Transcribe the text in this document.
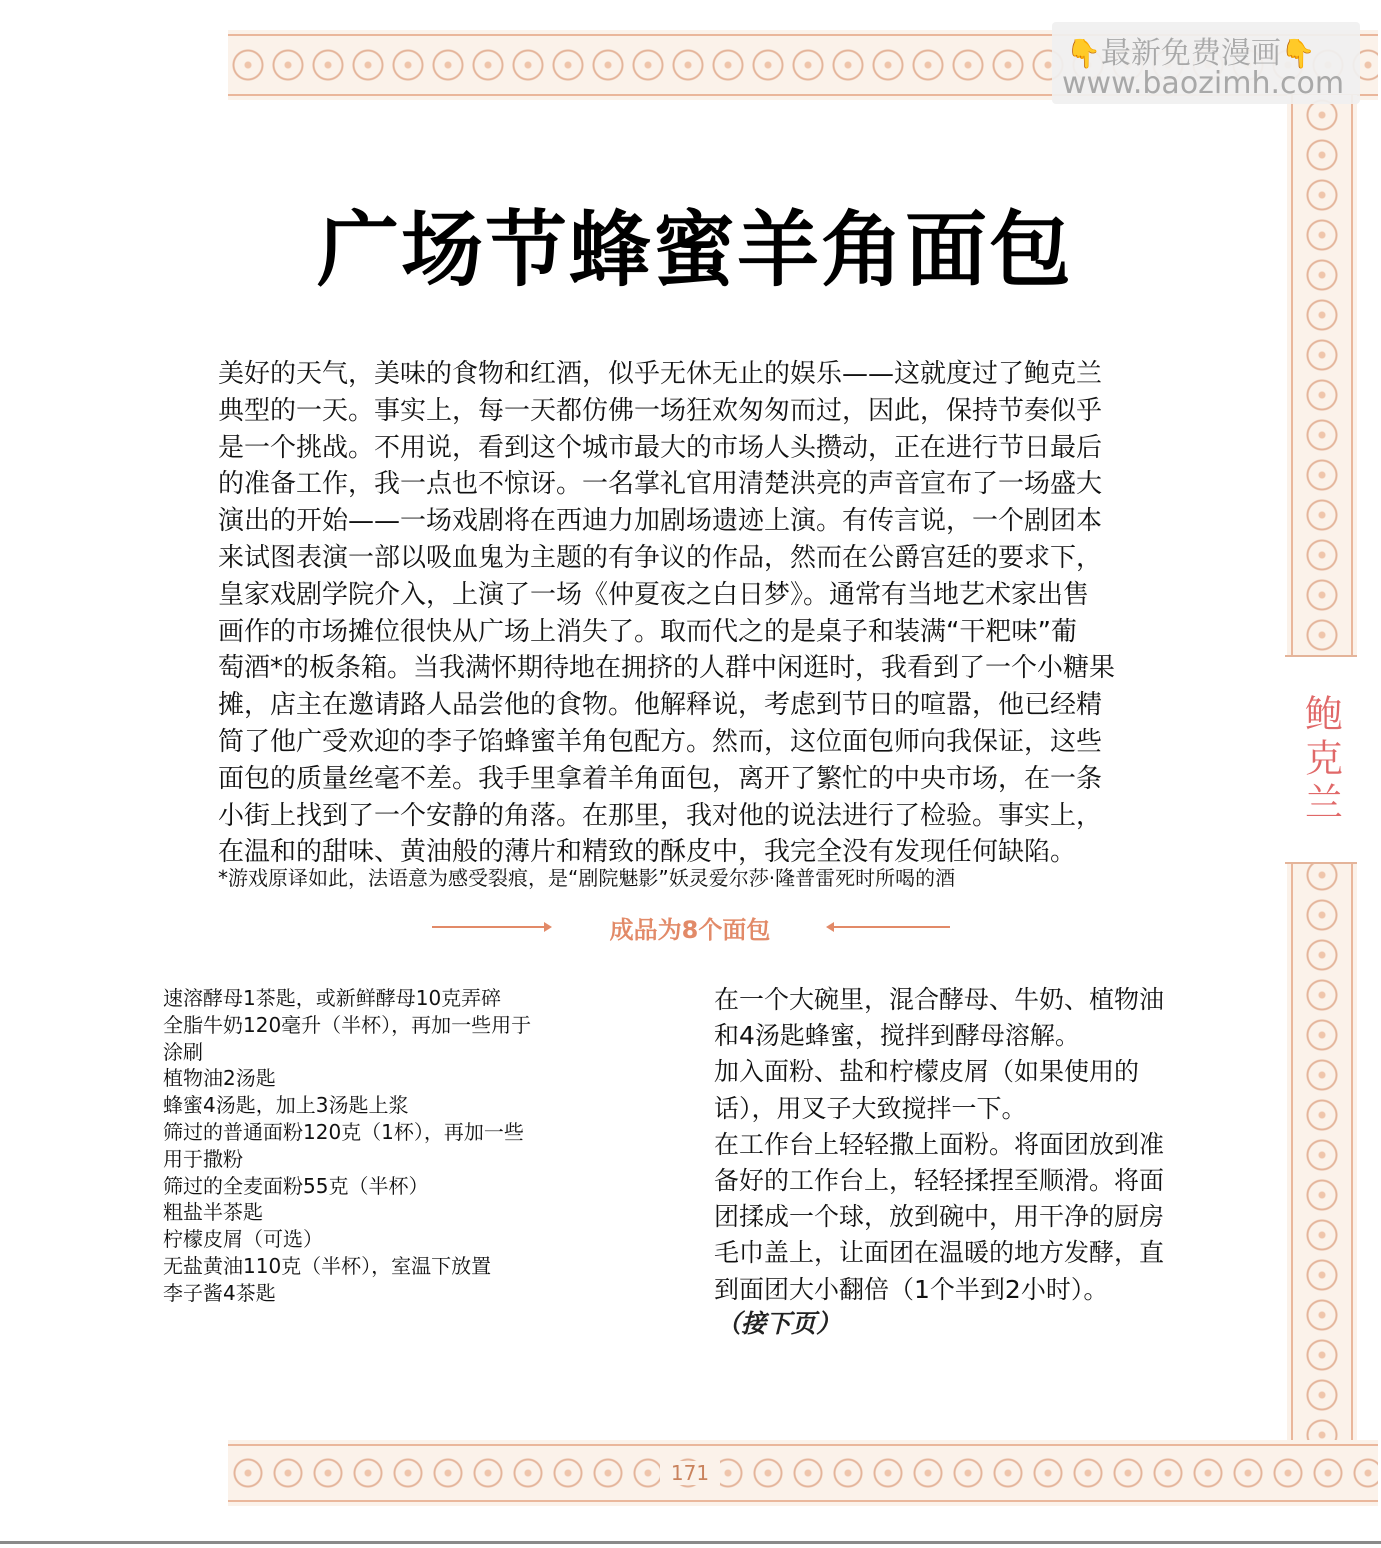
鲍克兰
👇最新免费漫画👇
www.baozimh.com
广场节蜂蜜羊角面包
美好的天气，美味的食物和红酒，似乎无休无止的娱乐——这就度过了鲍克兰
典型的一天。事实上，每一天都仿佛一场狂欢匆匆而过，因此，保持节奏似乎
是一个挑战。不用说，看到这个城市最大的市场人头攒动，正在进行节日最后
的准备工作，我一点也不惊讶。一名掌礼官用清楚洪亮的声音宣布了一场盛大
演出的开始——一场戏剧将在西迪力加剧场遗迹上演。有传言说，一个剧团本
来试图表演一部以吸血鬼为主题的有争议的作品，然而在公爵宫廷的要求下，
皇家戏剧学院介入，上演了一场《仲夏夜之白日梦》。通常有当地艺术家出售
画作的市场摊位很快从广场上消失了。取而代之的是桌子和装满“干粑味”葡
萄酒*的板条箱。当我满怀期待地在拥挤的人群中闲逛时，我看到了一个小糖果
摊，店主在邀请路人品尝他的食物。他解释说，考虑到节日的喧嚣，他已经精
简了他广受欢迎的李子馅蜂蜜羊角包配方。然而，这位面包师向我保证，这些
面包的质量丝毫不差。我手里拿着羊角面包，离开了繁忙的中央市场，在一条
小街上找到了一个安静的角落。在那里，我对他的说法进行了检验。事实上，
在温和的甜味、黄油般的薄片和精致的酥皮中，我完全没有发现任何缺陷。
*游戏原译如此，法语意为感受裂痕，是“剧院魅影”妖灵爱尔莎·隆普雷死时所喝的酒
成品为8个面包
速溶酵母1茶匙，或新鲜酵母10克弄碎
全脂牛奶120毫升（半杯），再加一些用于
涂刷
植物油2汤匙
蜂蜜4汤匙，加上3汤匙上浆
筛过的普通面粉120克（1杯），再加一些
用于撒粉
筛过的全麦面粉55克（半杯）
粗盐半茶匙
柠檬皮屑（可选）
无盐黄油110克（半杯），室温下放置
李子酱4茶匙
在一个大碗里，混合酵母、牛奶、植物油
和4汤匙蜂蜜，搅拌到酵母溶解。
加入面粉、盐和柠檬皮屑（如果使用的
话），用叉子大致搅拌一下。
在工作台上轻轻撒上面粉。将面团放到准
备好的工作台上，轻轻揉捏至顺滑。将面
团揉成一个球，放到碗中，用干净的厨房
毛巾盖上，让面团在温暖的地方发酵，直
到面团大小翻倍（1个半到2小时）。
（接下页）
171
